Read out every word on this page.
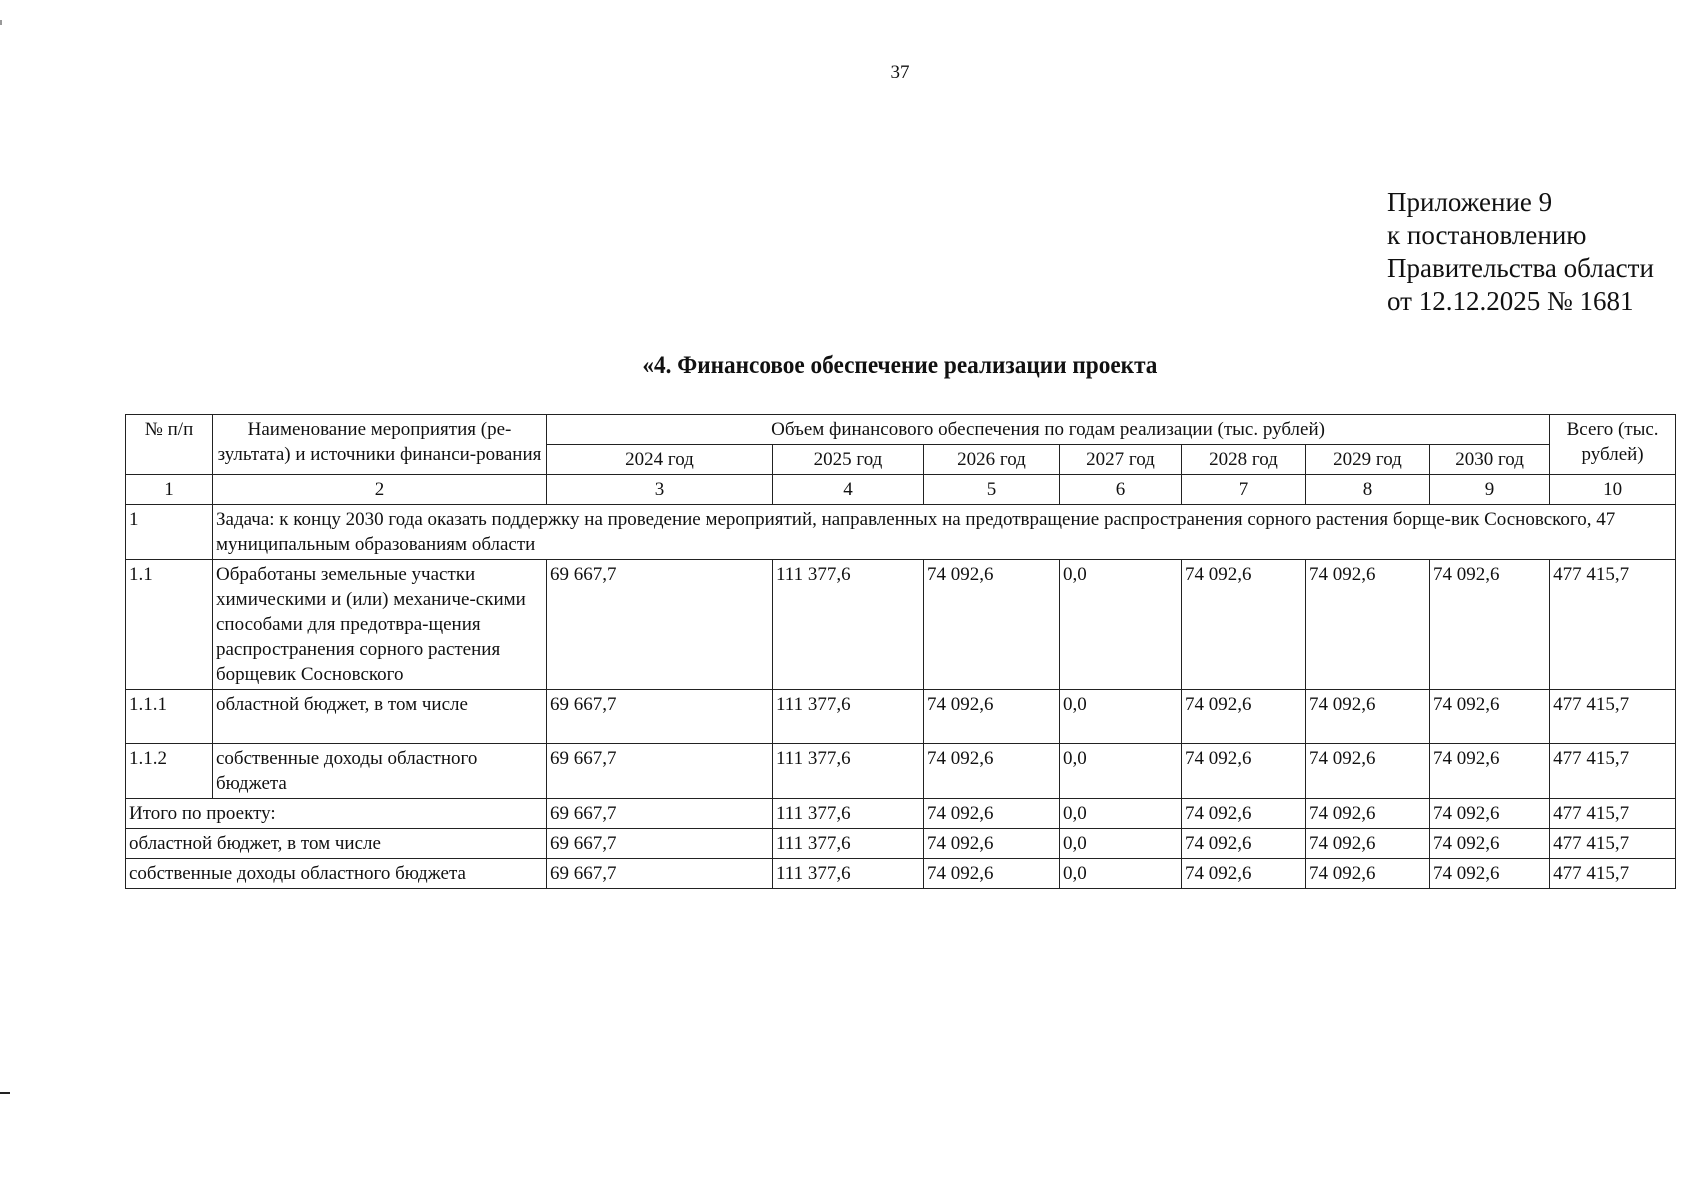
37
Приложение 9
к постановлению
Правительства области
от 12.12.2025 № 1681
«4. Финансовое обеспечение реализации проекта
№ п/п	Наименование мероприятия (ре-зультата) и источники финанси-рования	Объем финансового обеспечения по годам реализации (тыс. рублей)							Всего (тыс. рублей)
		2024 год	2025 год	2026 год	2027 год	2028 год	2029 год	2030 год	
1	2	3	4	5	6	7	8	9	10
1	Задача: к концу 2030 года оказать поддержку на проведение мероприятий, направленных на предотвращение распространения сорного растения борще-вик Сосновского, 47 муниципальным образованиям области								
1.1	Обработаны земельные участки химическими и (или) механиче-скими способами для предотвра-щения распространения сорного растения борщевик Сосновского	69 667,7	111 377,6	74 092,6	0,0	74 092,6	74 092,6	74 092,6	477 415,7
1.1.1	областной бюджет, в том числе	69 667,7	111 377,6	74 092,6	0,0	74 092,6	74 092,6	74 092,6	477 415,7
1.1.2	собственные доходы областного бюджета	69 667,7	111 377,6	74 092,6	0,0	74 092,6	74 092,6	74 092,6	477 415,7
Итого по проекту:		69 667,7	111 377,6	74 092,6	0,0	74 092,6	74 092,6	74 092,6	477 415,7
областной бюджет, в том числе		69 667,7	111 377,6	74 092,6	0,0	74 092,6	74 092,6	74 092,6	477 415,7
собственные доходы областного бюджета		69 667,7	111 377,6	74 092,6	0,0	74 092,6	74 092,6	74 092,6	477 415,7
